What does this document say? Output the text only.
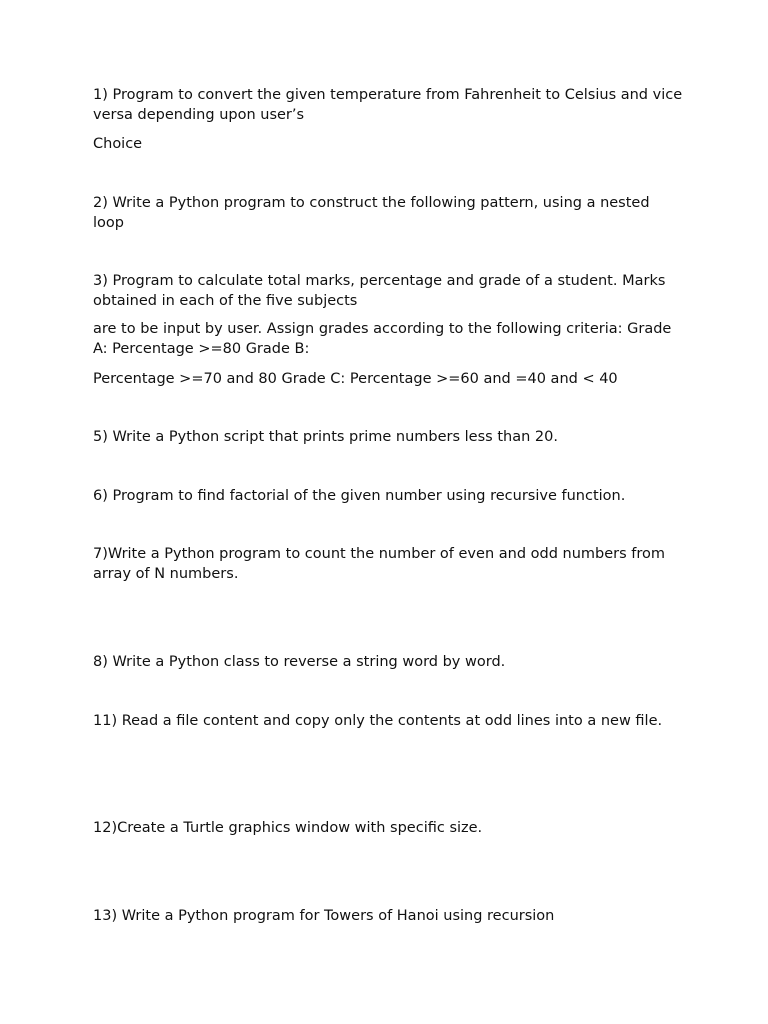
1) Program to convert the given temperature from Fahrenheit to Celsius and vice versa depending upon user’s

Choice

2) Write a Python program to construct the following pattern, using a nested loop

3) Program to calculate total marks, percentage and grade of a student. Marks obtained in each of the five subjects

are to be input by user. Assign grades according to the following criteria: Grade A: Percentage >=80 Grade B:

Percentage >=70 and 80 Grade C: Percentage >=60 and =40 and < 40

5) Write a Python script that prints prime numbers less than 20.

6) Program to find factorial of the given number using recursive function.

7)Write a Python program to count the number of even and odd numbers from array of N numbers.

8) Write a Python class to reverse a string word by word.

11) Read a file content and copy only the contents at odd lines into a new file.

12)Create a Turtle graphics window with specific size.

13) Write a Python program for Towers of Hanoi using recursion
